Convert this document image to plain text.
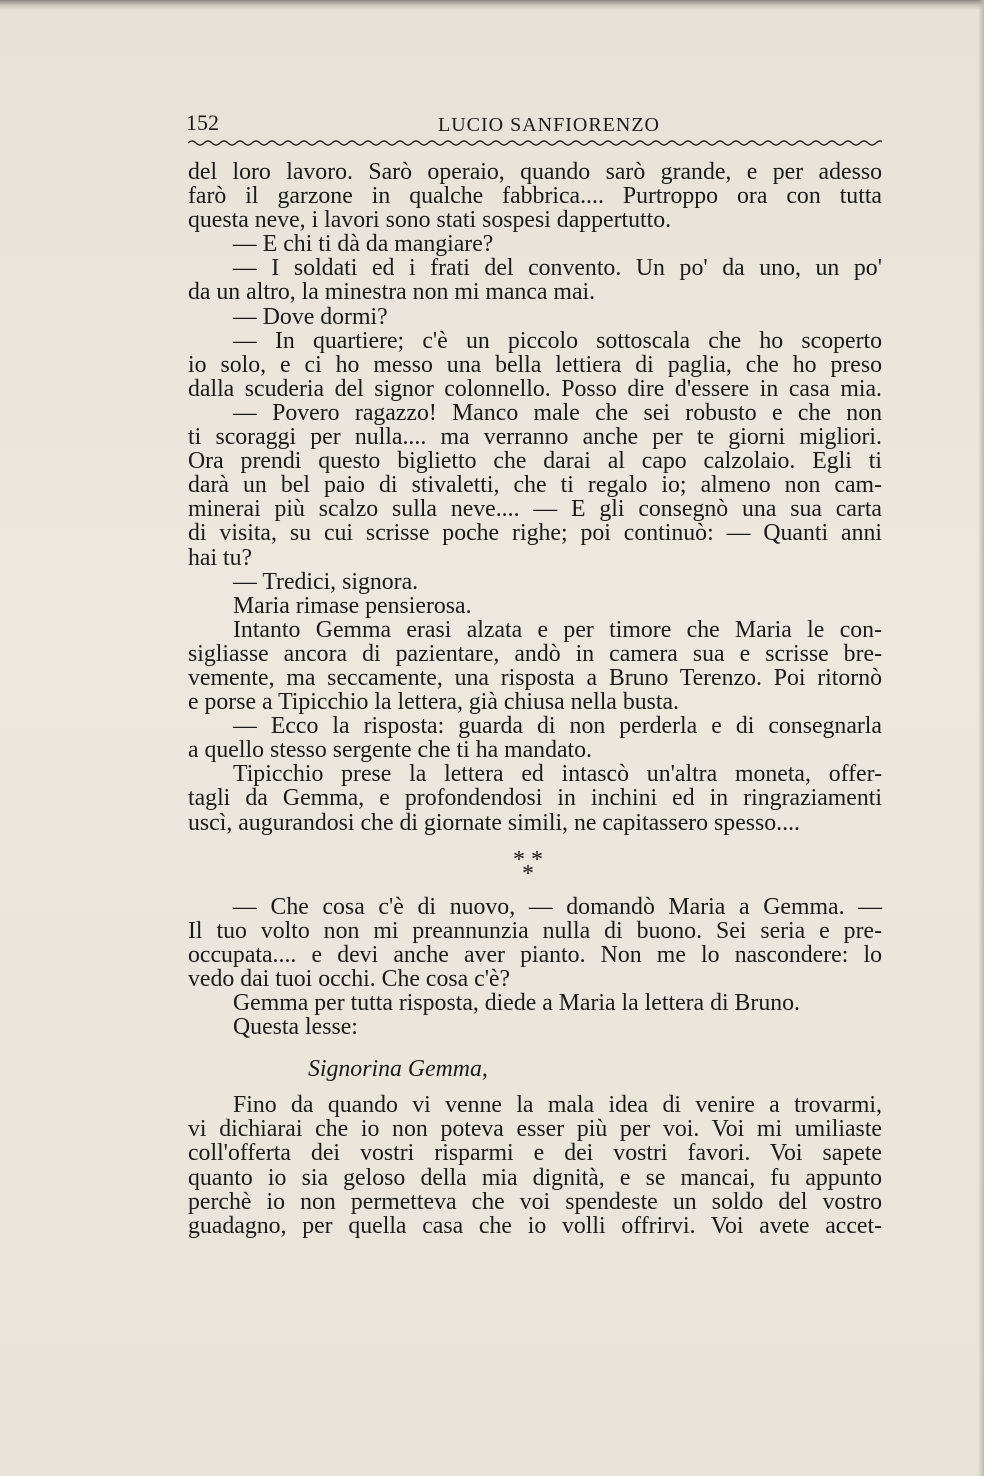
152	LUCIO SANFIORENZO

del loro lavoro. Sarò operaio, quando sarò grande, e per adesso

farò il garzone in qualche fabbrica.... Purtroppo ora con tutta

questa neve, i lavori sono stati sospesi dappertutto.

— E chi ti dà da mangiare?

— I soldati ed i frati del convento. Un po' da uno, un po'

da un altro, la minestra non mi manca mai.

— Dove dormi?

— In quartiere; c'è un piccolo sottoscala che ho scoperto

io solo, e ci ho messo una bella lettiera di paglia, che ho preso

dalla scuderia del signor colonnello. Posso dire d'essere in casa mia.

— Povero ragazzo! Manco male che sei robusto e che non

ti scoraggi per nulla.... ma verranno anche per te giorni migliori.

Ora prendi questo biglietto che darai al capo calzolaio. Egli ti

darà un bel paio di stivaletti, che ti regalo io; almeno non cam-

minerai più scalzo sulla neve.... — E gli consegnò una sua carta

di visita, su cui scrisse poche righe; poi continuò: — Quanti anni

hai tu?

— Tredici, signora.

Maria rimase pensierosa.

Intanto Gemma erasi alzata e per timore che Maria le con-

sigliasse ancora di pazientare, andò in camera sua e scrisse bre-

vemente, ma seccamente, una risposta a Bruno Terenzo. Poi ritornò

e porse a Tipicchio la lettera, già chiusa nella busta.

— Ecco la risposta: guarda di non perderla e di consegnarla

a quello stesso sergente che ti ha mandato.

Tipicchio prese la lettera ed intascò un'altra moneta, offer-

tagli da Gemma, e profondendosi in inchini ed in ringraziamenti

uscì, augurandosi che di giornate simili, ne capitassero spesso....

* * *

— Che cosa c'è di nuovo, — domandò Maria a Gemma. —

Il tuo volto non mi preannunzia nulla di buono. Sei seria e pre-

occupata.... e devi anche aver pianto. Non me lo nascondere: lo

vedo dai tuoi occhi. Che cosa c'è?

Gemma per tutta risposta, diede a Maria la lettera di Bruno.

Questa lesse:

Signorina Gemma,

Fino da quando vi venne la mala idea di venire a trovarmi,

vi dichiarai che io non poteva esser più per voi. Voi mi umiliaste

coll'offerta dei vostri risparmi e dei vostri favori. Voi sapete

quanto io sia geloso della mia dignità, e se mancai, fu appunto

perchè io non permetteva che voi spendeste un soldo del vostro

guadagno, per quella casa che io volli offrirvi. Voi avete accet-
